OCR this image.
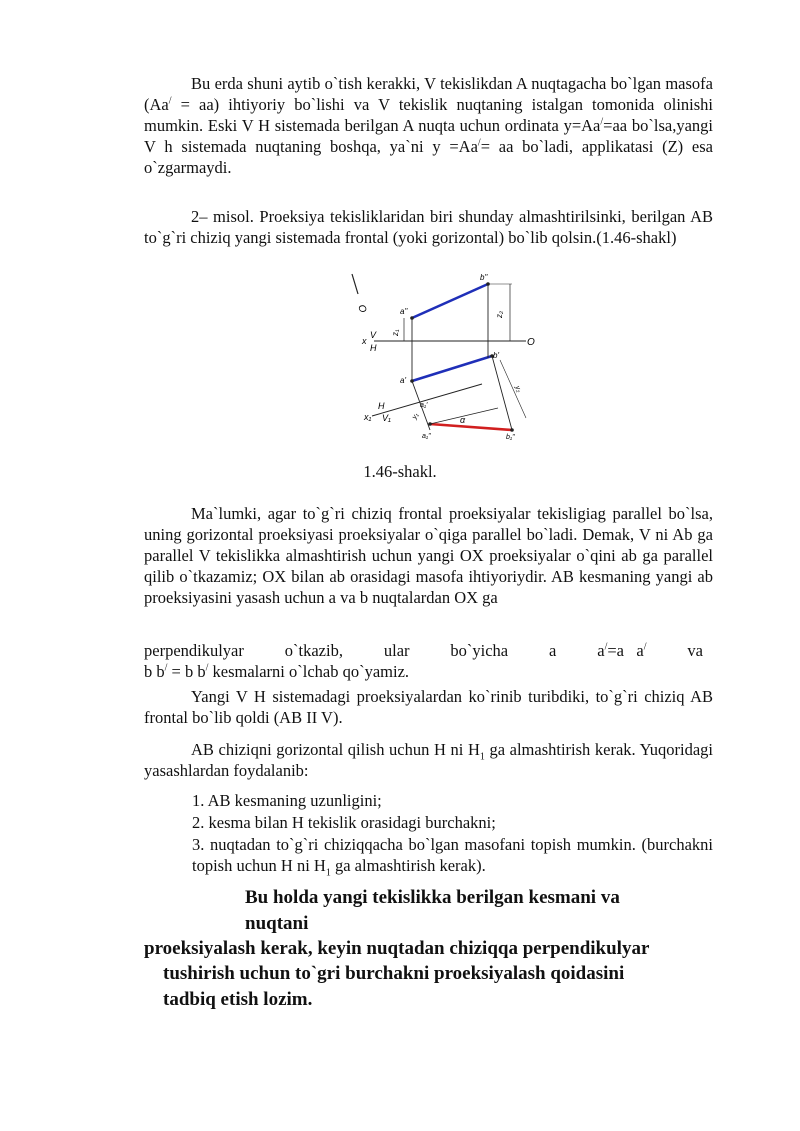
Bu erda shuni aytib o`tish kerakki, V tekislikdan A nuqtagacha bo`lgan masofa (Aa/ = aa) ihtiyoriy bo`lishi va V tekislik nuqtaning istalgan tomonida olinishi mumkin. Eski V H sistemada berilgan A nuqta uchun ordinata y=Aa/=aa bo`lsa,yangi V h sistemada nuqtaning boshqa, ya`ni y =Aa/= aa bo`ladi, applikatasi (Z) esa o`zgarmaydi.

2– misol. Proeksiya tekisliklaridan biri shunday almashtirilsinki, berilgan AB to`g`ri chiziq yangi sistemada frontal (yoki gorizontal) bo`lib qolsin.(1.46-shakl)

O
x
V
H	O
z₁
z₂
x₁
H
V₁
b"
a"
b'
a'
a₁′
y₁
y₂
α
a₁"	b₁"
1.46-shakl.

Ma`lumki, agar to`g`ri chiziq frontal proeksiyalar tekisligiag parallel bo`lsa, uning gorizontal proeksiyasi proeksiyalar o`qiga parallel bo`ladi. Demak, V ni Ab ga parallel V tekislikka almashtirish uchun yangi OX proeksiyalar o`qini ab ga parallel qilib o`tkazamiz; OX bilan ab orasidagi masofa ihtiyoriydir. AB kesmaning yangi ab proeksiyasini yasash uchun a va b nuqtalardan OX ga

perpendikulyar o`tkazib, ular bo`yicha a a/=a a/ va
b b/ = b b/ kesmalarni o`lchab qo`yamiz.

Yangi V H sistemadagi proeksiyalardan ko`rinib turibdiki, to`g`ri chiziq AB frontal bo`lib qoldi (AB II V).

AB chiziqni gorizontal qilish uchun H ni $H_1$ ga almashtirish kerak. Yuqoridagi yasashlardan foydalanib:

1. AB kesmaning uzunligini;

2. kesma bilan H tekislik orasidagi burchakni;

3. nuqtadan to`g`ri chiziqqacha bo`lgan masofani topish mumkin. (burchakni topish uchun H ni $H_1$ ga almashtirish kerak).

Bu holda yangi tekislikka berilgan kesmani va

nuqtani

proeksiyalash kerak, keyin nuqtadan chiziqqa perpendikulyar

tushirish uchun to`gri burchakni proeksiyalash qoidasini

tadbiq etish lozim.
